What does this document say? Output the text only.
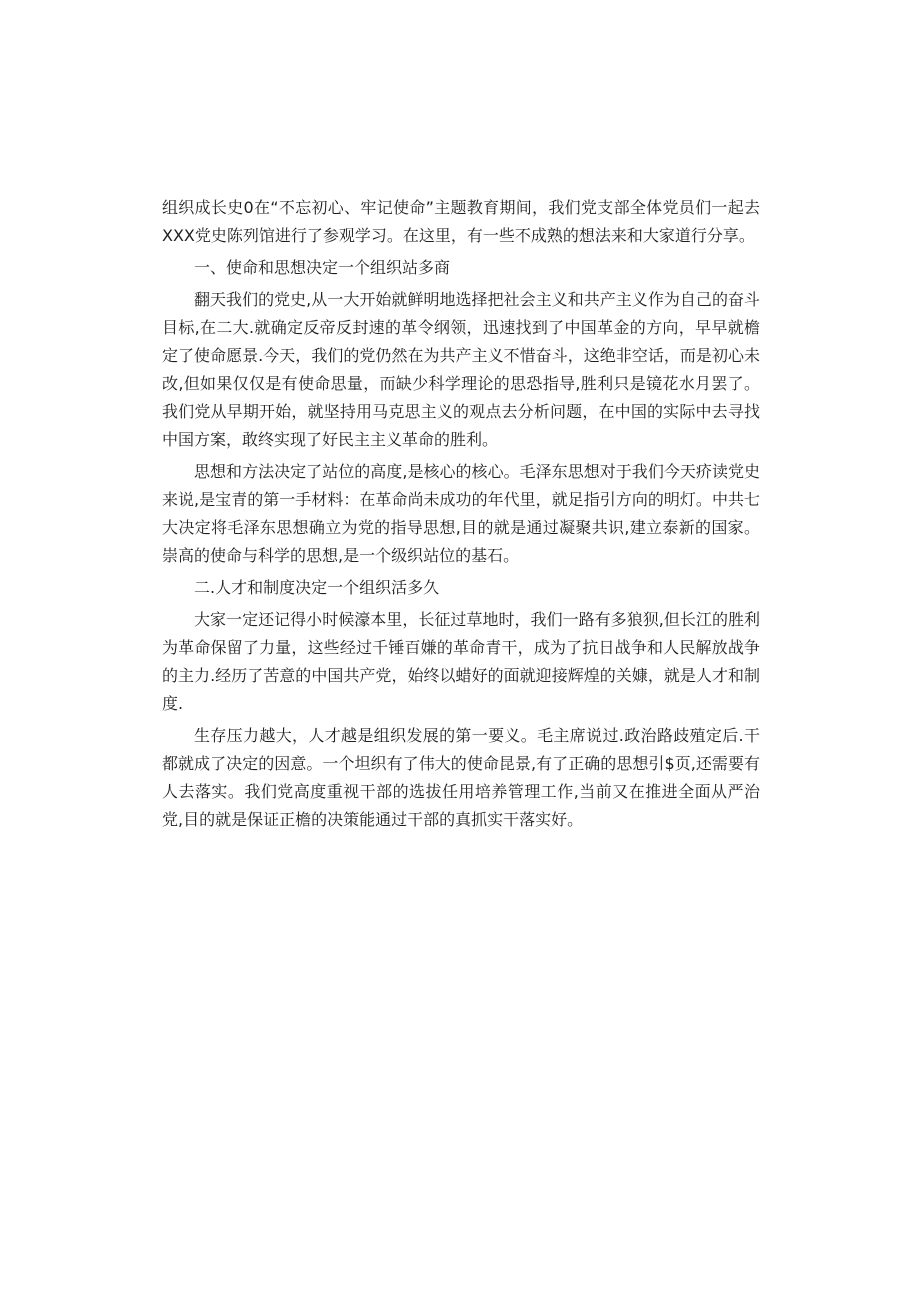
组织成长史0在“不忘初心、牢记使命”主题教育期间，我们党支部全体党员们一起去XXX党史陈列馆进行了参观学习。在这里，有一些不成熟的想法来和大家道行分享。

一、使命和思想决定一个组织站多商

翻天我们的党史,从一大开始就鲜明地选择把社会主义和共产主义作为自己的奋斗目标,在二大.就确定反帝反封速的革令纲领，迅速找到了中国革金的方向，早早就檐定了使命愿景.今天，我们的党仍然在为共产主义不惜奋斗，这绝非空话，而是初心未改,但如果仅仅是有使命思量，而缺少科学理论的思恐指导,胜利只是镜花水月罢了。我们党从早期开始，就坚持用马克思主义的观点去分析问题，在中国的实际中去寻找中国方案，敢终实现了好民主主义革命的胜利。

思想和方法决定了站位的高度,是核心的核心。毛泽东思想对于我们今天疥读党史来说,是宝青的第一手材料：在革命尚未成功的年代里，就足指引方向的明灯。中共七大决定将毛泽东思想确立为党的指导思想,目的就是通过凝聚共识,建立泰新的国家。崇高的使命与科学的思想,是一个级织站位的基石。

二.人才和制度决定一个组织活多久

大家一定还记得小时候濠本里，长征过草地时，我们一路有多狼狈,但长江的胜利为革命保留了力量，这些经过千锤百嫌的革命青干，成为了抗日战争和人民解放战争的主力.经历了苦意的中国共产党，始终以蜡好的面就迎接辉煌的关嫝，就是人才和制度.

生存压力越大，人才越是组织发展的第一要义。毛主席说过.政治路歧殖定后.干都就成了决定的因意。一个坦织有了伟大的使命昆景,有了正确的思想引$页,还需要有人去落实。我们党高度重视干部的选拔任用培养管理工作,当前又在推进全面从严治党,目的就是保证正檐的决策能通过干部的真抓实干落实好。
